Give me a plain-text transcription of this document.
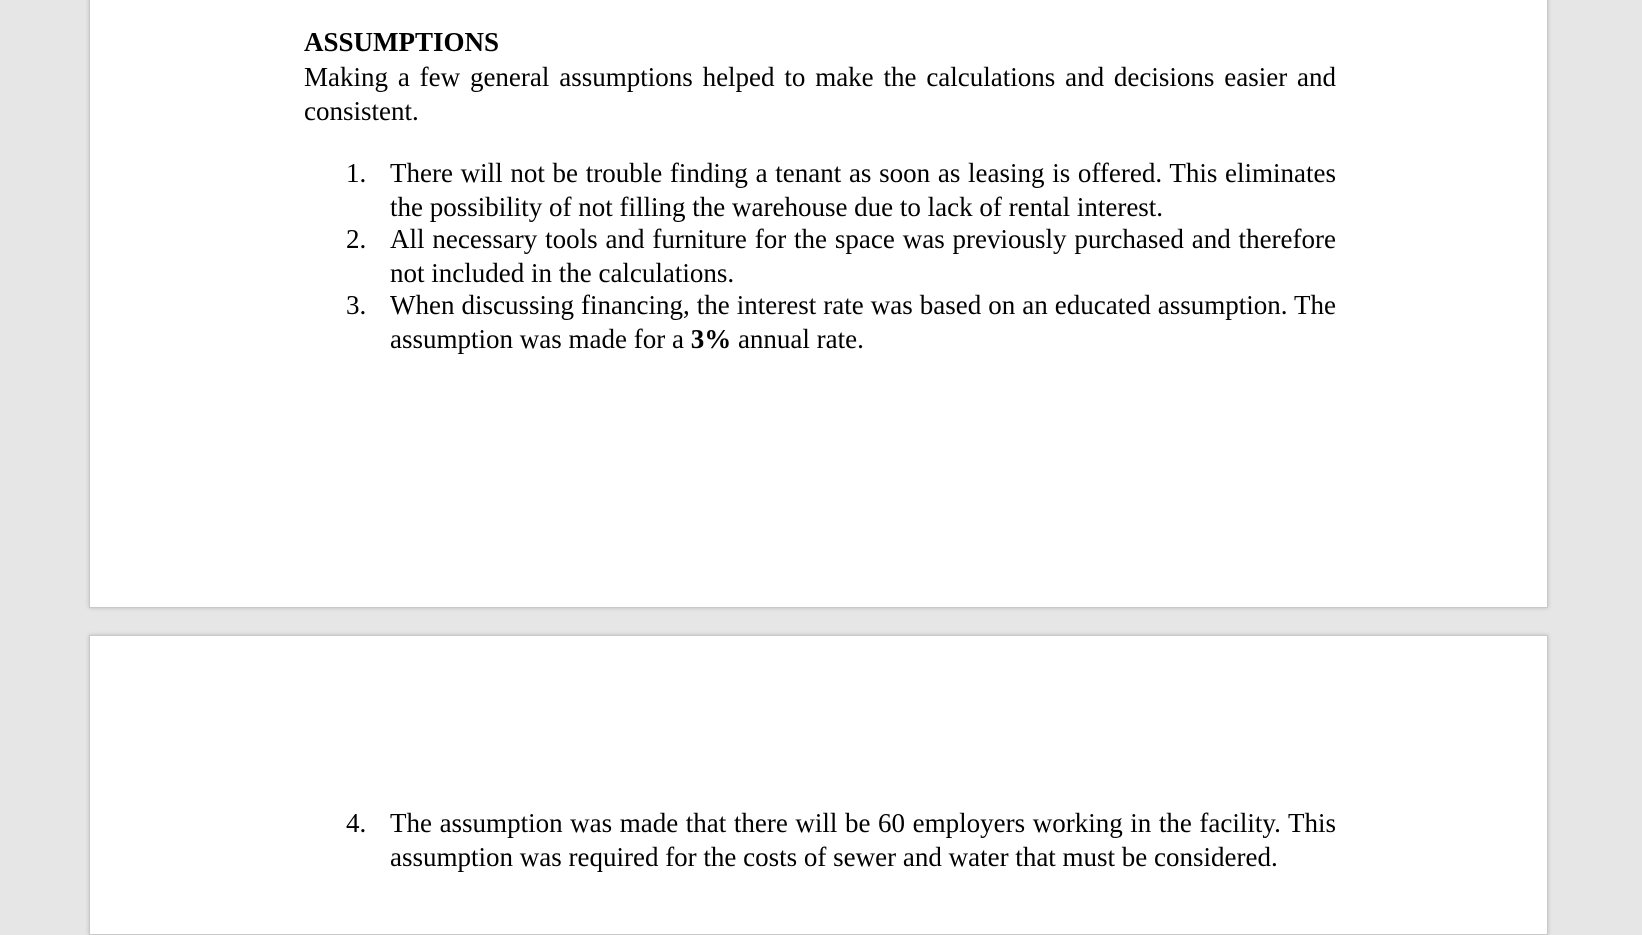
ASSUMPTIONS

Making a few general assumptions helped to make the calculations and decisions easier and consistent.

1. There will not be trouble finding a tenant as soon as leasing is offered. This eliminates the possibility of not filling the warehouse due to lack of rental interest.
2. All necessary tools and furniture for the space was previously purchased and therefore not included in the calculations.
3. When discussing financing, the interest rate was based on an educated assumption. The assumption was made for a 3% annual rate.
4. The assumption was made that there will be 60 employers working in the facility. This assumption was required for the costs of sewer and water that must be considered.
